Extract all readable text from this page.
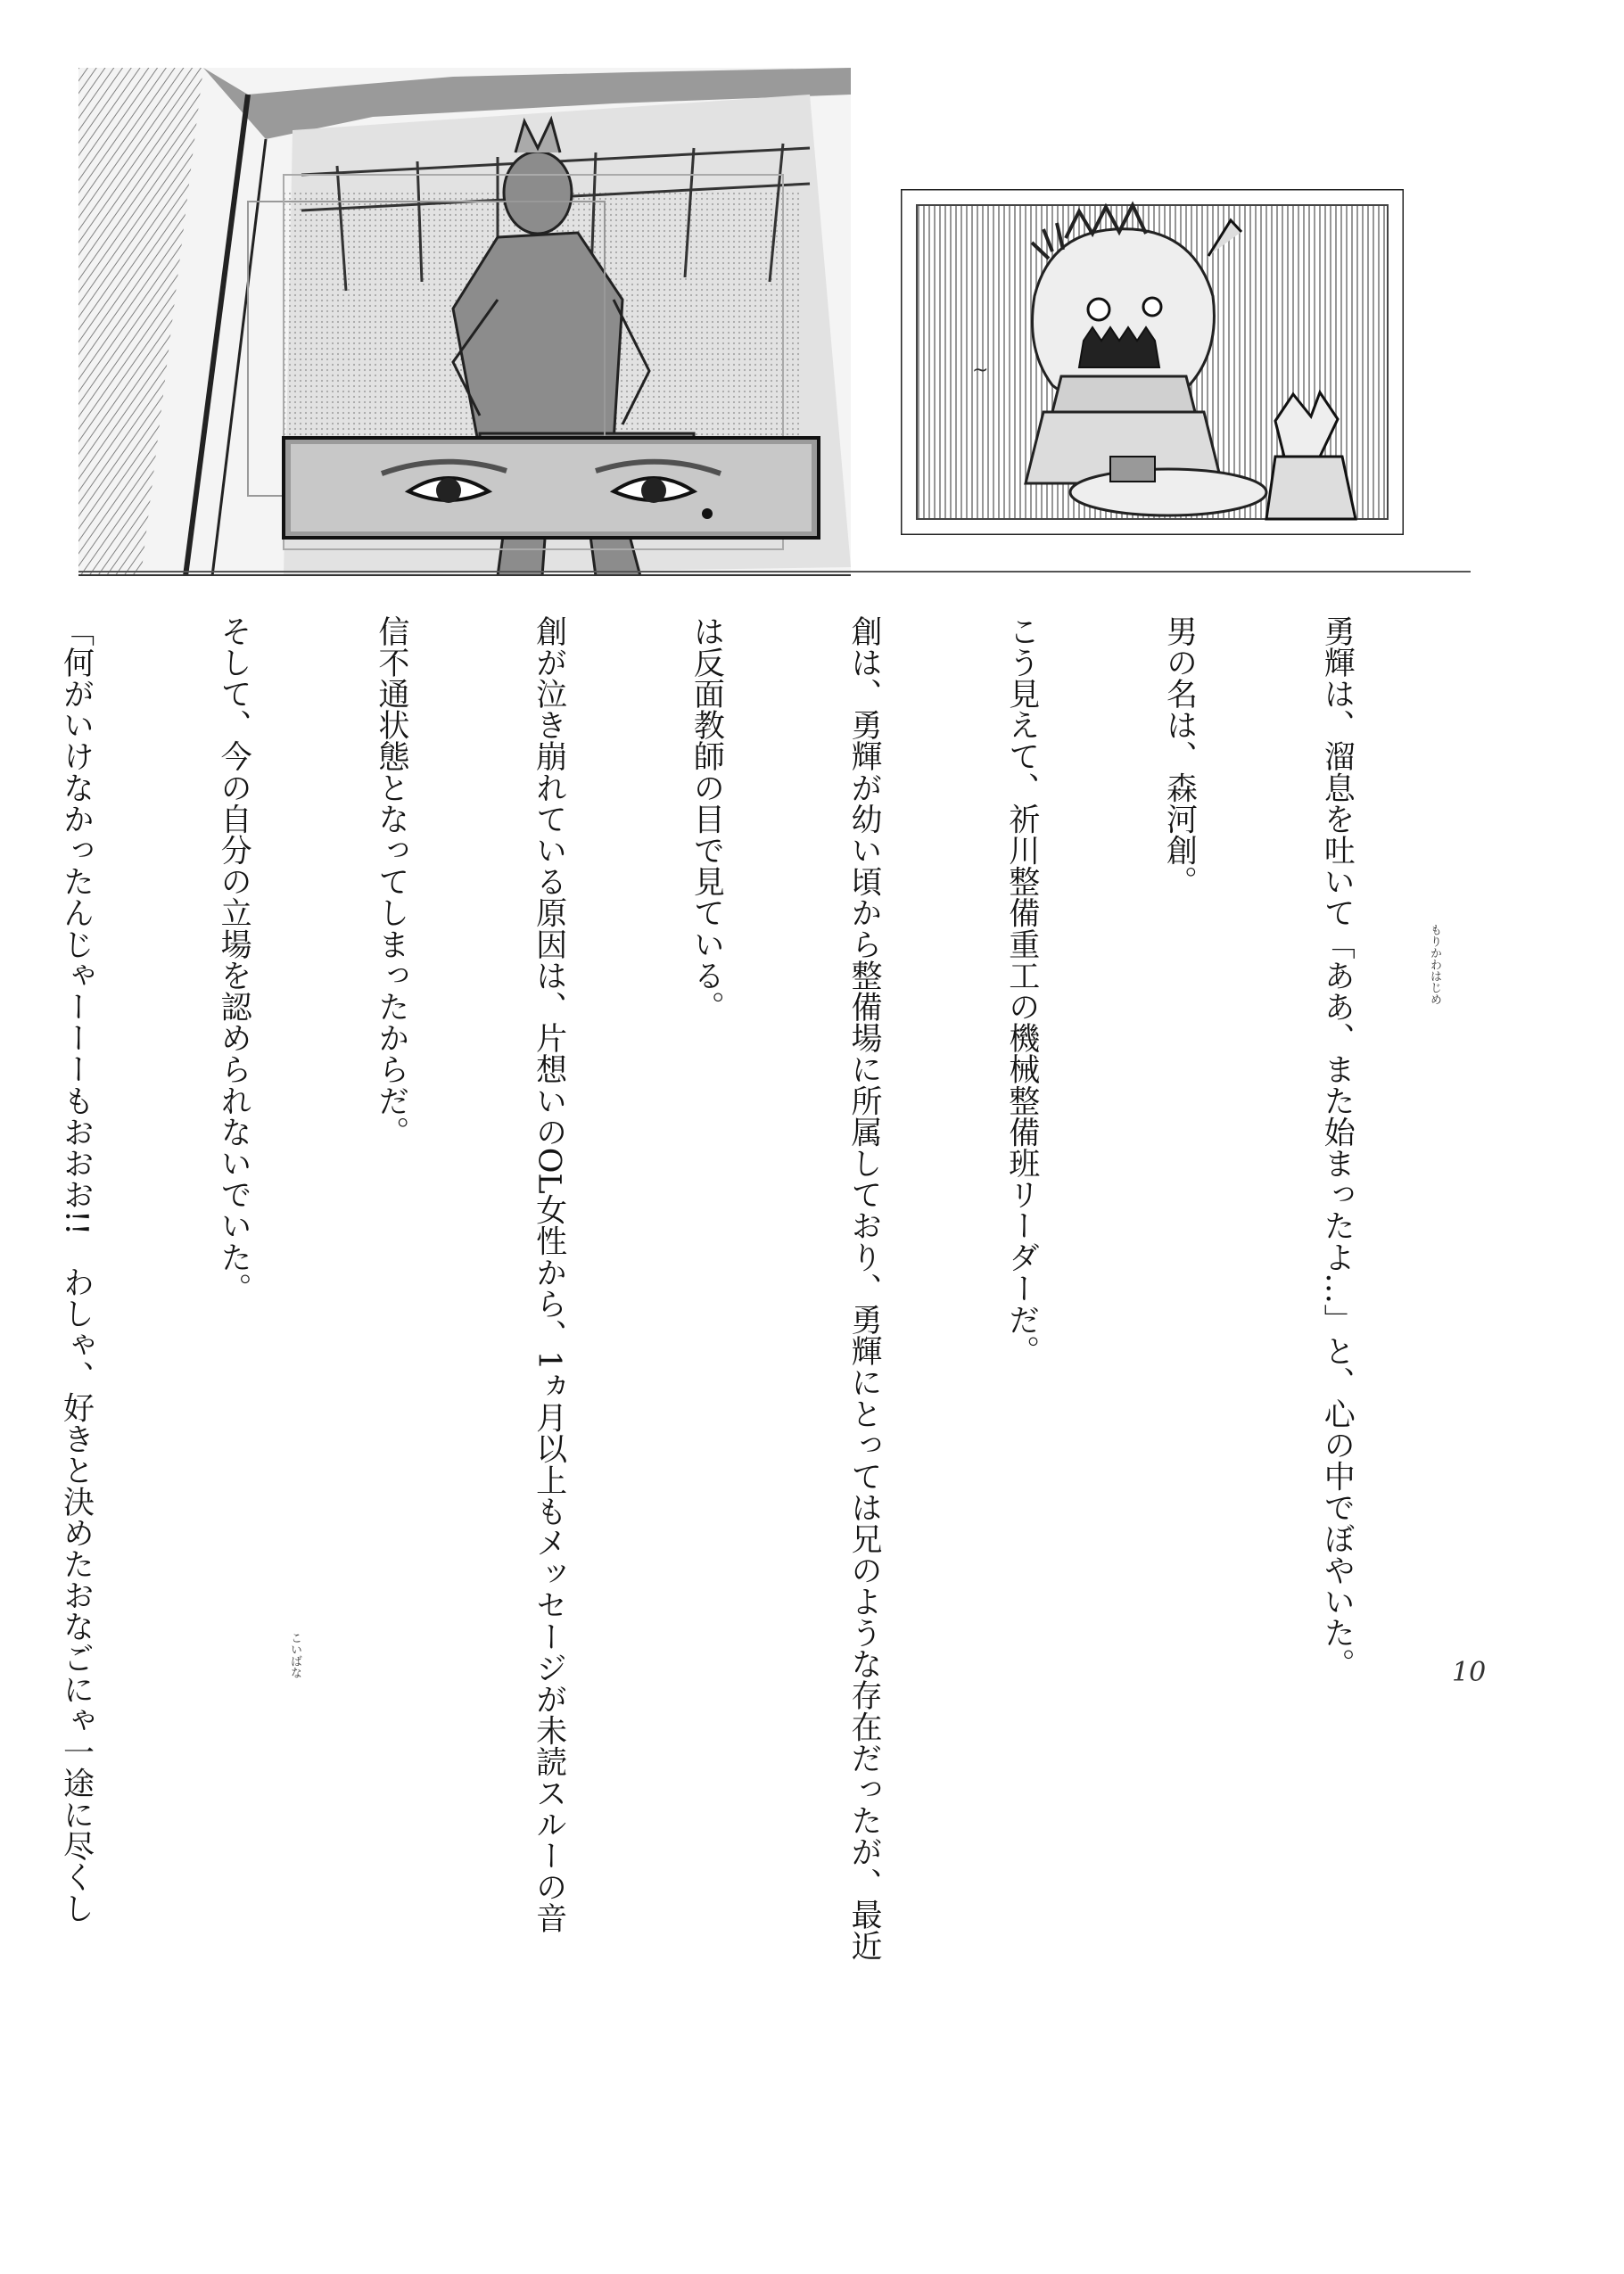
~

勇輝は、溜息を吐いて「ああ、また始まったよ…」と、心の中でぼやいた。

男の名は、森河創。

こう見えて、祈川整備重工の機械整備班リーダーだ。

創は、勇輝が幼い頃から整備場に所属しており、勇輝にとっては兄のような存在だったが、最近

は反面教師の目で見ている。

創が泣き崩れている原因は、片想いのOL女性から、1ヵ月以上もメッセージが未読スルーの音

信不通状態となってしまったからだ。

そして、今の自分の立場を認められないでいた。

「何がいけなかったんじゃーーーもおおお!!　わしゃ、好きと決めたおなごにゃ一途に尽くし

	もりかわはじめ
こいばな	10
